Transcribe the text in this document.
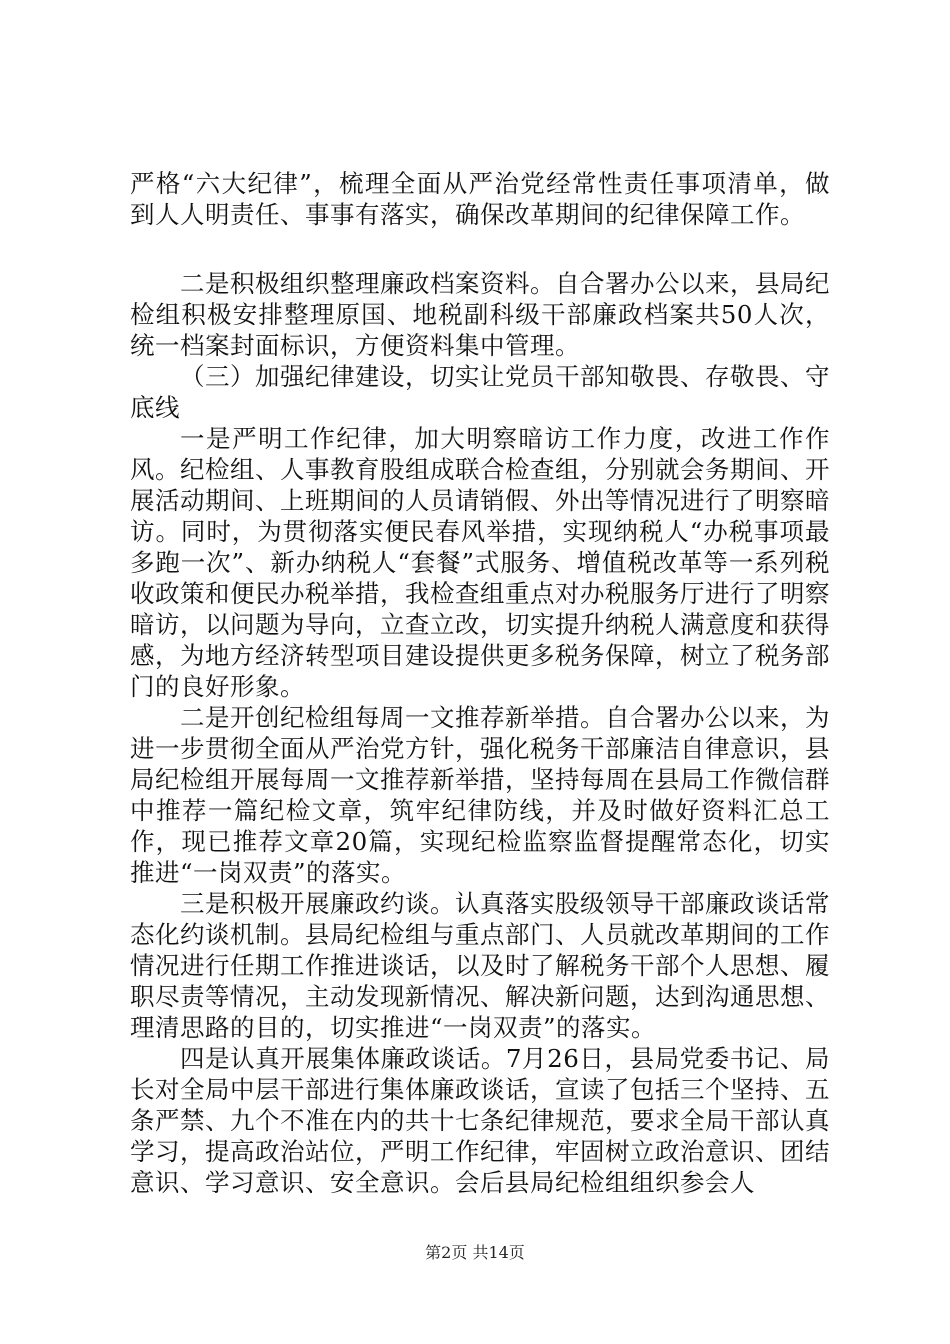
严格“六大纪律”，梳理全面从严治党经常性责任事项清单，做到人人明责任、事事有落实，确保改革期间的纪律保障工作。

二是积极组织整理廉政档案资料。自合署办公以来，县局纪检组积极安排整理原国、地税副科级干部廉政档案共50人次，统一档案封面标识，方便资料集中管理。

（三）加强纪律建设，切实让党员干部知敬畏、存敬畏、守底线

一是严明工作纪律，加大明察暗访工作力度，改进工作作风。纪检组、人事教育股组成联合检查组，分别就会务期间、开展活动期间、上班期间的人员请销假、外出等情况进行了明察暗访。同时，为贯彻落实便民春风举措，实现纳税人“办税事项最多跑一次”、新办纳税人“套餐”式服务、增值税改革等一系列税收政策和便民办税举措，我检查组重点对办税服务厅进行了明察暗访，以问题为导向，立查立改，切实提升纳税人满意度和获得感，为地方经济转型项目建设提供更多税务保障，树立了税务部门的良好形象。

二是开创纪检组每周一文推荐新举措。自合署办公以来，为进一步贯彻全面从严治党方针，强化税务干部廉洁自律意识，县局纪检组开展每周一文推荐新举措，坚持每周在县局工作微信群中推荐一篇纪检文章，筑牢纪律防线，并及时做好资料汇总工作，现已推荐文章20篇，实现纪检监察监督提醒常态化，切实推进“一岗双责”的落实。

三是积极开展廉政约谈。认真落实股级领导干部廉政谈话常态化约谈机制。县局纪检组与重点部门、人员就改革期间的工作情况进行任期工作推进谈话，以及时了解税务干部个人思想、履职尽责等情况，主动发现新情况、解决新问题，达到沟通思想、理清思路的目的，切实推进“一岗双责”的落实。

四是认真开展集体廉政谈话。7月26日，县局党委书记、局长对全局中层干部进行集体廉政谈话，宣读了包括三个坚持、五条严禁、九个不准在内的共十七条纪律规范，要求全局干部认真学习，提高政治站位，严明工作纪律，牢固树立政治意识、团结意识、学习意识、安全意识。会后县局纪检组组织参会人

第2页 共14页
